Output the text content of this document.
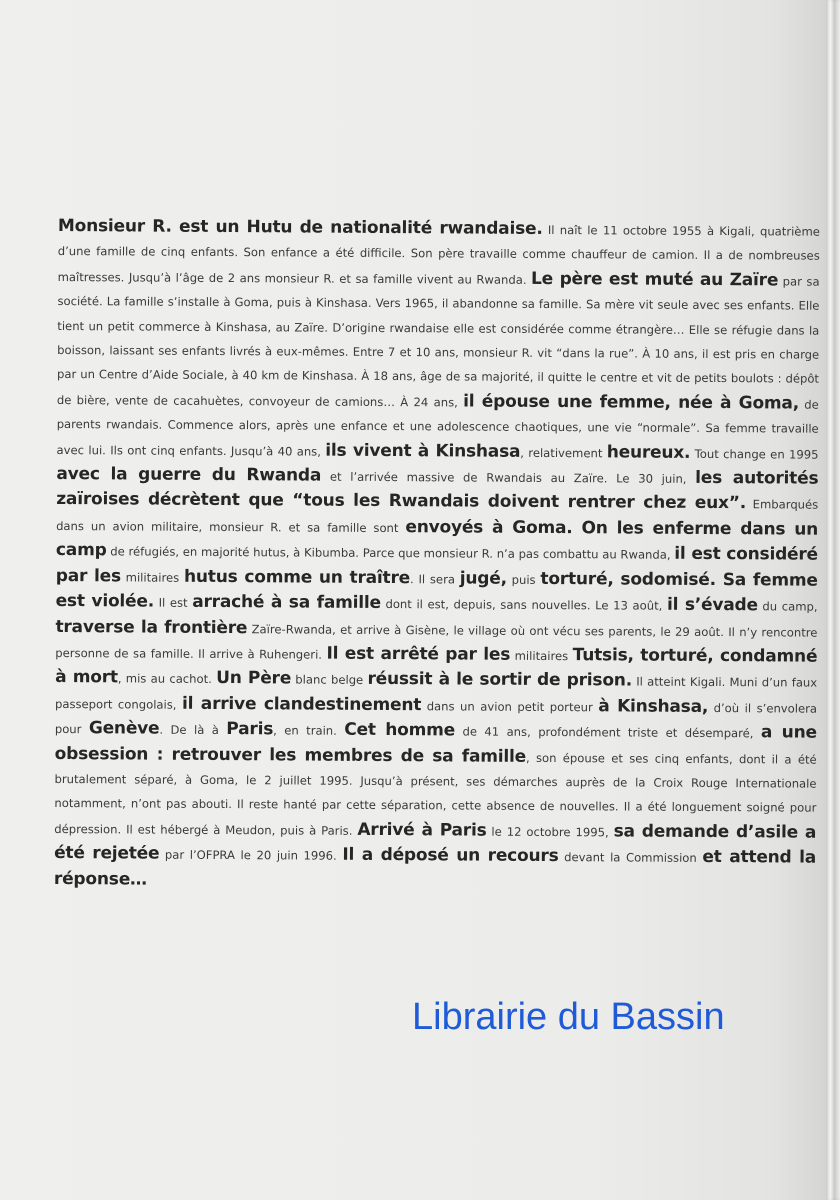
Monsieur R. est un Hutu de nationalité rwandaise. Il naît le 11 octobre 1955 à Kigali, quatrième d’une famille de cinq enfants. Son enfance a été difficile. Son père travaille comme chauffeur de camion. Il a de nombreuses maîtresses. Jusqu’à l’âge de 2 ans monsieur R. et sa famille vivent au Rwanda. Le père est muté au Zaïre par sa société. La famille s’installe à Goma, puis à Kinshasa. Vers 1965, il abandonne sa famille. Sa mère vit seule avec ses enfants. Elle tient un petit commerce à Kinshasa, au Zaïre. D’origine rwandaise elle est considérée comme étrangère… Elle se réfugie dans la boisson, laissant ses enfants livrés à eux-mêmes. Entre 7 et 10 ans, monsieur R. vit “dans la rue”. À 10 ans, il est pris en charge par un Centre d’Aide Sociale, à 40 km de Kinshasa. À 18 ans, âge de sa majorité, il quitte le centre et vit de petits boulots : dépôt de bière, vente de cacahuètes, convoyeur de camions… À 24 ans, il épouse une femme, née à Goma, de parents rwandais. Commence alors, après une enfance et une adolescence chaotiques, une vie “normale”. Sa femme travaille avec lui. Ils ont cinq enfants. Jusqu’à 40 ans, ils vivent à Kinshasa, relativement heureux. Tout change en 1995 avec la guerre du Rwanda et l’arrivée massive de Rwandais au Zaïre. Le 30 juin, les autorités zaïroises décrètent que “tous les Rwandais doivent rentrer chez eux”. Embarqués dans un avion militaire, monsieur R. et sa famille sont envoyés à Goma. On les enferme dans un camp de réfugiés, en majorité hutus, à Kibumba. Parce que monsieur R. n’a pas combattu au Rwanda, il est considéré par les militaires hutus comme un traître. Il sera jugé, puis torturé, sodomisé. Sa femme est violée. Il est arraché à sa famille dont il est, depuis, sans nouvelles. Le 13 août, il s’évade du camp, traverse la frontière Zaïre-Rwanda, et arrive à Gisène, le village où ont vécu ses parents, le 29 août. Il n’y rencontre personne de sa famille. Il arrive à Ruhengeri. Il est arrêté par les militaires Tutsis, torturé, condamné à mort, mis au cachot. Un Père blanc belge réussit à le sortir de prison. Il atteint Kigali. Muni d’un faux passeport congolais, il arrive clandestinement dans un avion petit porteur à Kinshasa, d’où il s’envolera pour Genève. De là à Paris, en train. Cet homme de 41 ans, profondément triste et désemparé, a une obsession : retrouver les membres de sa famille, son épouse et ses cinq enfants, dont il a été brutalement séparé, à Goma, le 2 juillet 1995. Jusqu’à présent, ses démarches auprès de la Croix Rouge Internationale notamment, n’ont pas abouti. Il reste hanté par cette séparation, cette absence de nouvelles. Il a été longuement soigné pour dépression. Il est hébergé à Meudon, puis à Paris. Arrivé à Paris le 12 octobre 1995, sa demande d’asile a été rejetée par l’OFPRA le 20 juin 1996. Il a déposé un recours devant la Commission et attend la réponse…

Librairie du Bassin
